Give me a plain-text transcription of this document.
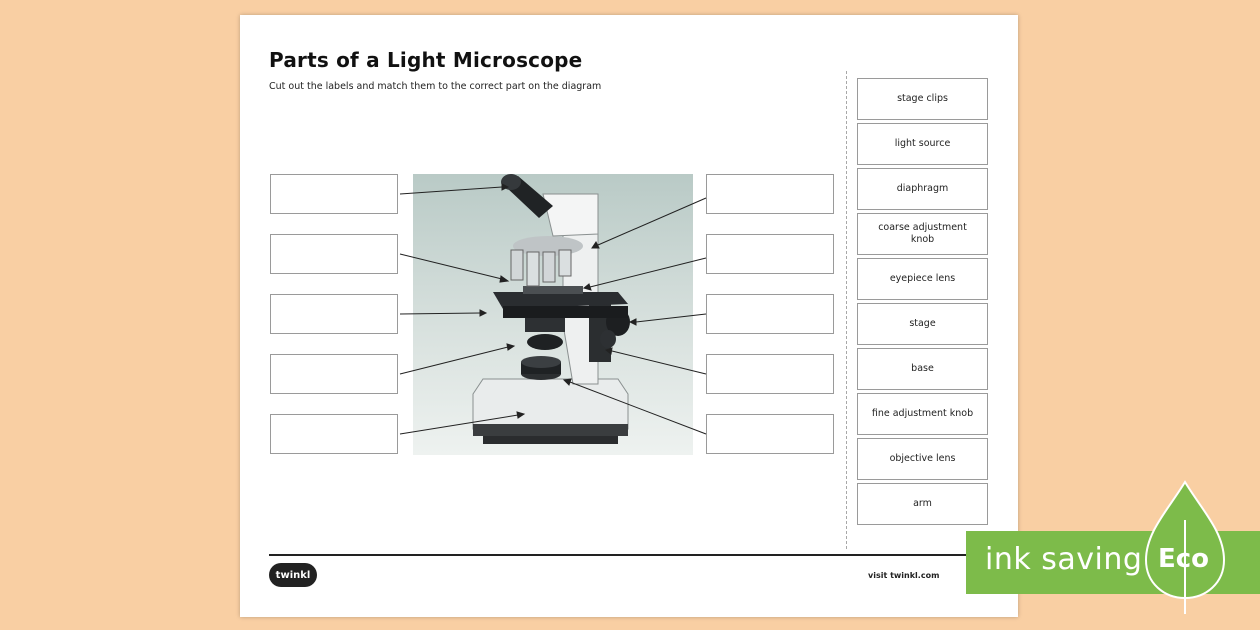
Parts of a Light Microscope
Cut out the labels and match them to the correct part on the diagram
stage clips
light source
diaphragm
coarse adjustment knob
eyepiece lens
stage
base
fine adjustment knob
objective lens
arm
twinkl	visit twinkl.com ink saving Eco
